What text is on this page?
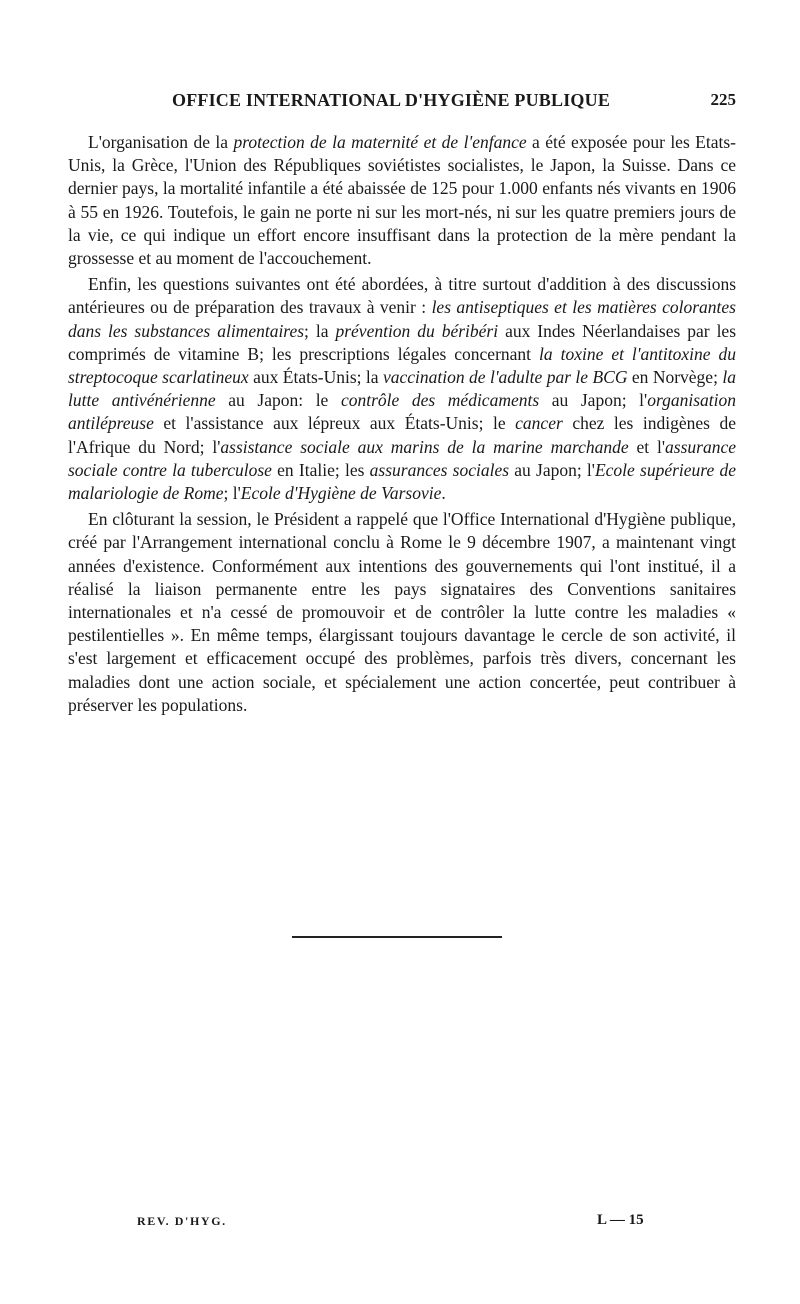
OFFICE INTERNATIONAL D'HYGIÈNE PUBLIQUE	225

L'organisation de la protection de la maternité et de l'enfance a été exposée pour les Etats-Unis, la Grèce, l'Union des Républiques soviétistes socialistes, le Japon, la Suisse. Dans ce dernier pays, la mortalité infantile a été abaissée de 125 pour 1.000 enfants nés vivants en 1906 à 55 en 1926. Toutefois, le gain ne porte ni sur les mort-nés, ni sur les quatre premiers jours de la vie, ce qui indique un effort encore insuffisant dans la protection de la mère pendant la grossesse et au moment de l'accouchement.

Enfin, les questions suivantes ont été abordées, à titre surtout d'addition à des discussions antérieures ou de préparation des travaux à venir : les antiseptiques et les matières colorantes dans les substances alimentaires; la prévention du béribéri aux Indes Néerlandaises par les comprimés de vitamine B; les prescriptions légales concernant la toxine et l'antitoxine du streptocoque scarlatineux aux États-Unis; la vaccination de l'adulte par le BCG en Norvège; la lutte antivénérienne au Japon: le contrôle des médicaments au Japon; l'organisation antilépreuse et l'assistance aux lépreux aux États-Unis; le cancer chez les indigènes de l'Afrique du Nord; l'assistance sociale aux marins de la marine marchande et l'assurance sociale contre la tuberculose en Italie; les assurances sociales au Japon; l'Ecole supérieure de malariologie de Rome; l'Ecole d'Hygiène de Varsovie.

En clôturant la session, le Président a rappelé que l'Office International d'Hygiène publique, créé par l'Arrangement international conclu à Rome le 9 décembre 1907, a maintenant vingt années d'existence. Conformément aux intentions des gouvernements qui l'ont institué, il a réalisé la liaison permanente entre les pays signataires des Conventions sanitaires internationales et n'a cessé de promouvoir et de contrôler la lutte contre les maladies « pestilentielles ». En même temps, élargissant toujours davantage le cercle de son activité, il s'est largement et efficacement occupé des problèmes, parfois très divers, concernant les maladies dont une action sociale, et spécialement une action concertée, peut contribuer à préserver les populations.

REV. D'HYG.	L — 15
